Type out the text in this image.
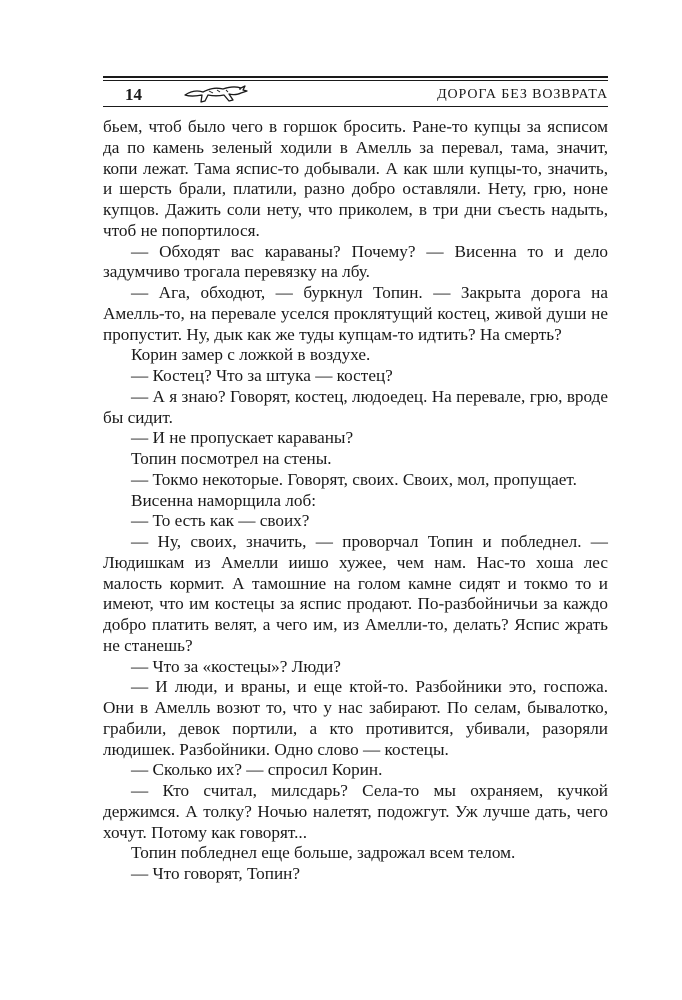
14	ДОРОГА БЕЗ ВОЗВРАТА

бьем, чтоб было чего в горшок бросить. Ране-то купцы за ясписом да по камень зеленый ходили в Амелль за перевал, тама, значит, копи лежат. Тама яспис-то добывали. А как шли купцы-то, значить, и шерсть брали, платили, разно добро оставляли. Нету, грю, ноне купцов. Дажить соли нету, что приколем, в три дни съесть надыть, чтоб не попортилося.

— Обходят вас караваны? Почему? — Висенна то и дело задумчиво трогала перевязку на лбу.

— Ага, обходют, — буркнул Топин. — Закрыта дорога на Амелль-то, на перевале уселся проклятущий костец, живой души не пропустит. Ну, дык как же туды купцам-то идтить? На смерть?

Корин замер с ложкой в воздухе.

— Костец? Что за штука — костец?

— А я знаю? Говорят, костец, людоедец. На перевале, грю, вроде бы сидит.

— И не пропускает караваны?

Топин посмотрел на стены.

— Токмо некоторые. Говорят, своих. Своих, мол, пропущает.

Висенна наморщила лоб:

— То есть как — своих?

— Ну, своих, значить, — проворчал Топин и побледнел. — Людишкам из Амелли иишо хужее, чем нам. Нас-то хоша лес малость кормит. А тамошние на голом камне сидят и токмо то и имеют, что им костецы за яспис продают. По-разбойничьи за каждо добро платить велят, а чего им, из Амелли-то, делать? Яспис жрать не станешь?

— Что за «костецы»? Люди?

— И люди, и враны, и еще ктой-то. Разбойники это, госпожа. Они в Амелль возют то, что у нас забирают. По селам, бывалотко, грабили, девок портили, а кто противится, убивали, разоряли людишек. Разбойники. Одно слово — костецы.

— Сколько их? — спросил Корин.

— Кто считал, милсдарь? Села-то мы охраняем, кучкой держимся. А толку? Ночью налетят, подожгут. Уж лучше дать, чего хочут. Потому как говорят...

Топин побледнел еще больше, задрожал всем телом.

— Что говорят, Топин?
